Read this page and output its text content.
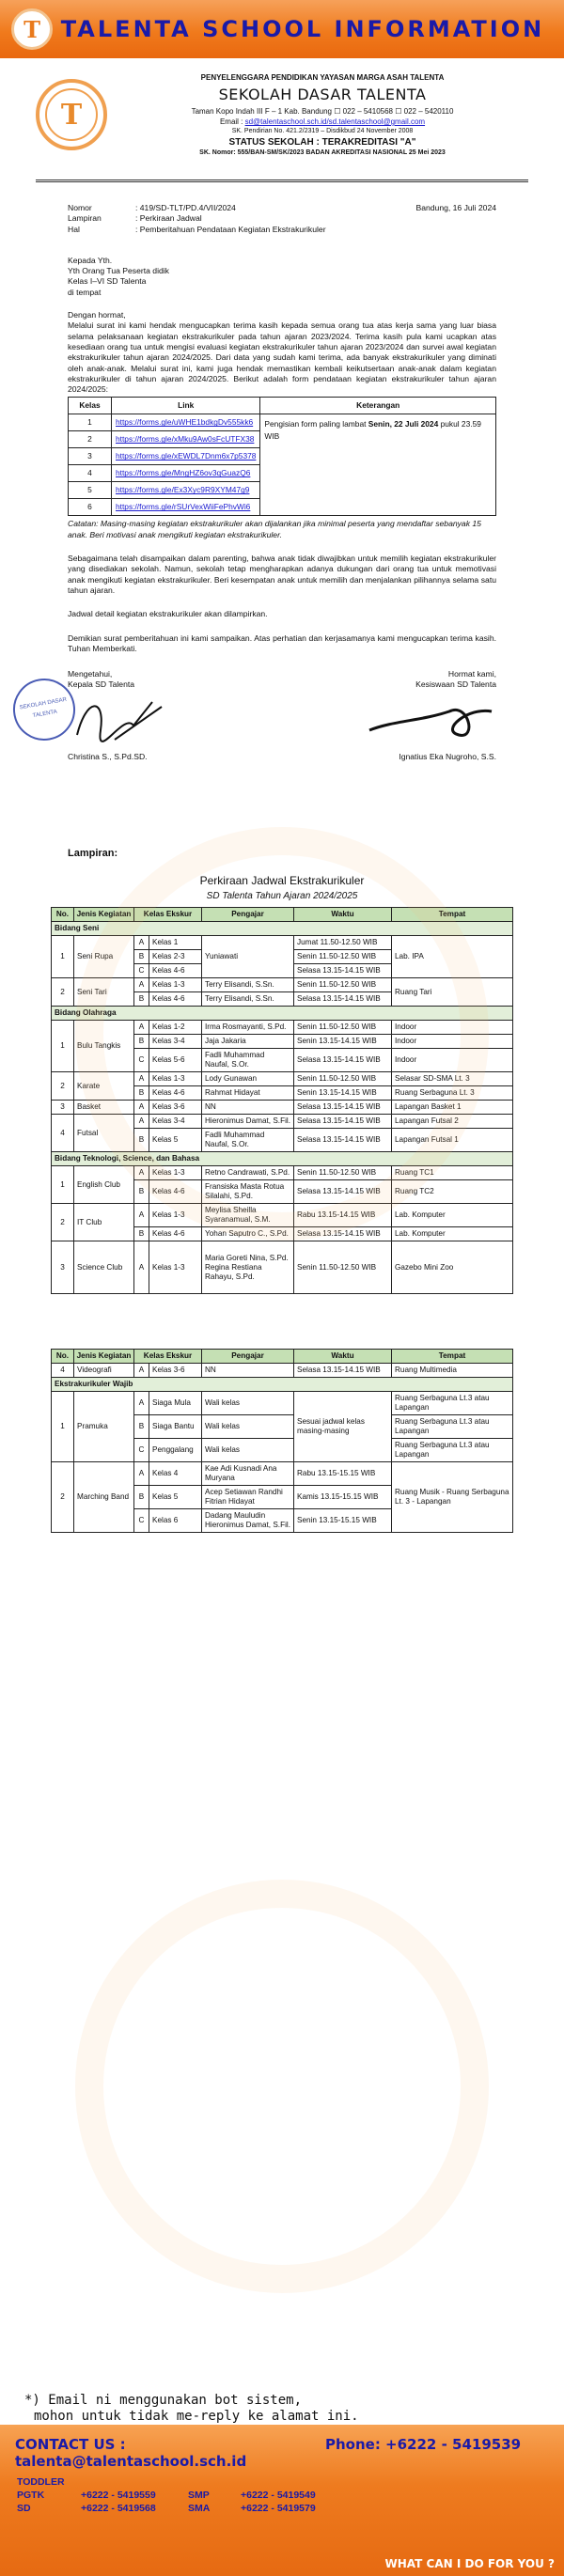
T TALENTA SCHOOL INFORMATION
T
PENYELENGGARA PENDIDIKAN YAYASAN MARGA ASAH TALENTA
SEKOLAH DASAR TALENTA
Taman Kopo Indah III F – 1 Kab. Bandung ☐ 022 – 5410568 ☐ 022 – 5420110
Email : sd@talentaschool.sch.id/sd.talentaschool@gmail.com
SK. Pendirian No. 421.2/2319 – Disdikbud 24 November 2008
STATUS SEKOLAH : TERAKREDITASI "A"
SK. Nomor: 555/BAN-SM/SK/2023 BADAN AKREDITASI NASIONAL 25 Mei 2023
Nomor	: 419/SD-TLT/PD.4/VII/2024
Lampiran	: Perkiraan Jadwal
Hal	: Pemberitahuan Pendataan Kegiatan Ekstrakurikuler
Bandung, 16 Juli 2024
Kepada Yth.
Yth Orang Tua Peserta didik
Kelas I–VI SD Talenta
di tempat
Dengan hormat,
Melalui surat ini kami hendak mengucapkan terima kasih kepada semua orang tua atas kerja sama yang luar biasa selama pelaksanaan kegiatan ekstrakurikuler pada tahun ajaran 2023/2024. Terima kasih pula kami ucapkan atas kesediaan orang tua untuk mengisi evaluasi kegiatan ekstrakurikuler tahun ajaran 2023/2024 dan survei awal kegiatan ekstrakurikuler tahun ajaran 2024/2025. Dari data yang sudah kami terima, ada banyak ekstrakurikuler yang diminati oleh anak-anak. Melalui surat ini, kami juga hendak memastikan kembali keikutsertaan anak-anak dalam kegiatan ekstrakurikuler di tahun ajaran 2024/2025. Berikut adalah form pendataan kegiatan ekstrakurikuler tahun ajaran 2024/2025:
Kelas	Link	Keterangan
1	https://forms.gle/uWHE1bdkgDv555kk6	Pengisian form paling lambat Senin, 22 Juli 2024 pukul 23.59 WIB
2	https://forms.gle/xMku9Aw0sFcUTFX38	
3	https://forms.gle/xEWDL7Dnm6x7p5378	
4	https://forms.gle/MngHZ6ov3qGuazQ6	
5	https://forms.gle/Ex3Xyc9R9XYM47g9	
6	https://forms.gle/rSUrVexWiiFePhvWi6	
Catatan: Masing-masing kegiatan ekstrakurikuler akan dijalankan jika minimal peserta yang mendaftar sebanyak 15 anak. Beri motivasi anak mengikuti kegiatan ekstrakurikuler.
Sebagaimana telah disampaikan dalam parenting, bahwa anak tidak diwajibkan untuk memilih kegiatan ekstrakurikuler yang disediakan sekolah. Namun, sekolah tetap mengharapkan adanya dukungan dari orang tua untuk memotivasi anak mengikuti kegiatan ekstrakurikuler. Beri kesempatan anak untuk memilih dan menjalankan pilihannya selama satu tahun ajaran.
Jadwal detail kegiatan ekstrakurikuler akan dilampirkan.
Demikian surat pemberitahuan ini kami sampaikan. Atas perhatian dan kerjasamanya kami mengucapkan terima kasih. Tuhan Memberkati.
Mengetahui,
Kepala SD Talenta
SEKOLAH DASAR TALENTA
Christina S., S.Pd.SD.
Hormat kami,
Kesiswaan SD Talenta
Ignatius Eka Nugroho, S.S.
Lampiran:
Perkiraan Jadwal Ekstrakurikuler
SD Talenta Tahun Ajaran 2024/2025
No.	Jenis Kegiatan	Kelas Ekskur		Pengajar	Waktu	Tempat
Bidang Seni						
1	Seni Rupa	A	Kelas 1	Yuniawati	Jumat 11.50-12.50 WIB	Lab. IPA
		B	Kelas 2-3		Senin 11.50-12.50 WIB	
		C	Kelas 4-6		Selasa 13.15-14.15 WIB	
2	Seni Tari	A	Kelas 1-3	Terry Elisandi, S.Sn.	Senin 11.50-12.50 WIB	Ruang Tari
		B	Kelas 4-6	Terry Elisandi, S.Sn.	Selasa 13.15-14.15 WIB	
Bidang Olahraga						
1	Bulu Tangkis	A	Kelas 1-2	Irma Rosmayanti, S.Pd.	Senin 11.50-12.50 WIB	Indoor
		B	Kelas 3-4	Jaja Jakaria	Senin 13.15-14.15 WIB	Indoor
		C	Kelas 5-6	Fadli Muhammad Naufal, S.Or.	Selasa 13.15-14.15 WIB	Indoor
2	Karate	A	Kelas 1-3	Lody Gunawan	Senin 11.50-12.50 WIB	Selasar SD-SMA Lt. 3
		B	Kelas 4-6	Rahmat Hidayat	Senin 13.15-14.15 WIB	Ruang Serbaguna Lt. 3
3	Basket	A	Kelas 3-6	NN	Selasa 13.15-14.15 WIB	Lapangan Basket 1
4	Futsal	A	Kelas 3-4	Hieronimus Damat, S.Fil.	Selasa 13.15-14.15 WIB	Lapangan Futsal 2
		B	Kelas 5	Fadli Muhammad Naufal, S.Or.	Selasa 13.15-14.15 WIB	Lapangan Futsal 1
Bidang Teknologi, Science, dan Bahasa						
1	English Club	A	Kelas 1-3	Retno Candrawati, S.Pd.	Senin 11.50-12.50 WIB	Ruang TC1
		B	Kelas 4-6	Fransiska Masta Rotua Silalahi, S.Pd.	Selasa 13.15-14.15 WIB	Ruang TC2
2	IT Club	A	Kelas 1-3	Meylisa Sheilla Syaranamual, S.M.	Rabu 13.15-14.15 WIB	Lab. Komputer
		B	Kelas 4-6	Yohan Saputro C., S.Pd.	Selasa 13.15-14.15 WIB	Lab. Komputer
3	Science Club	A	Kelas 1-3	Maria Goreti Nina, S.Pd. Regina Restiana Rahayu, S.Pd.	Senin 11.50-12.50 WIB	Gazebo Mini Zoo
No.	Jenis Kegiatan	Kelas Ekskur		Pengajar	Waktu	Tempat
4	Videografi	A	Kelas 3-6	NN	Selasa 13.15-14.15 WIB	Ruang Multimedia
Ekstrakurikuler Wajib						
1	Pramuka	A	Siaga Mula	Wali kelas	Sesuai jadwal kelas masing-masing	Ruang Serbaguna Lt.3 atau Lapangan
		B	Siaga Bantu	Wali kelas		Ruang Serbaguna Lt.3 atau Lapangan
		C	Penggalang	Wali kelas		Ruang Serbaguna Lt.3 atau Lapangan
2	Marching Band	A	Kelas 4	Kae Adi Kusnadi Ana Muryana	Rabu 13.15-15.15 WIB	Ruang Musik - Ruang Serbaguna Lt. 3 - Lapangan
		B	Kelas 5	Acep Setiawan Randhi Fitrian Hidayat	Kamis 13.15-15.15 WIB	
		C	Kelas 6	Dadang Mauludin Hieronimus Damat, S.Fil.	Senin 13.15-15.15 WIB	
*) Email ni menggunakan bot sistem,
mohon untuk tidak me-reply ke alamat ini.
CONTACT US : talenta@talentaschool.sch.id
Phone: +6222 - 5419539
TODDLER
PGTK	+6222 - 5419559	SMP	+6222 - 5419549
SD	+6222 - 5419568	SMA	+6222 - 5419579
WHAT CAN I DO FOR YOU ?
